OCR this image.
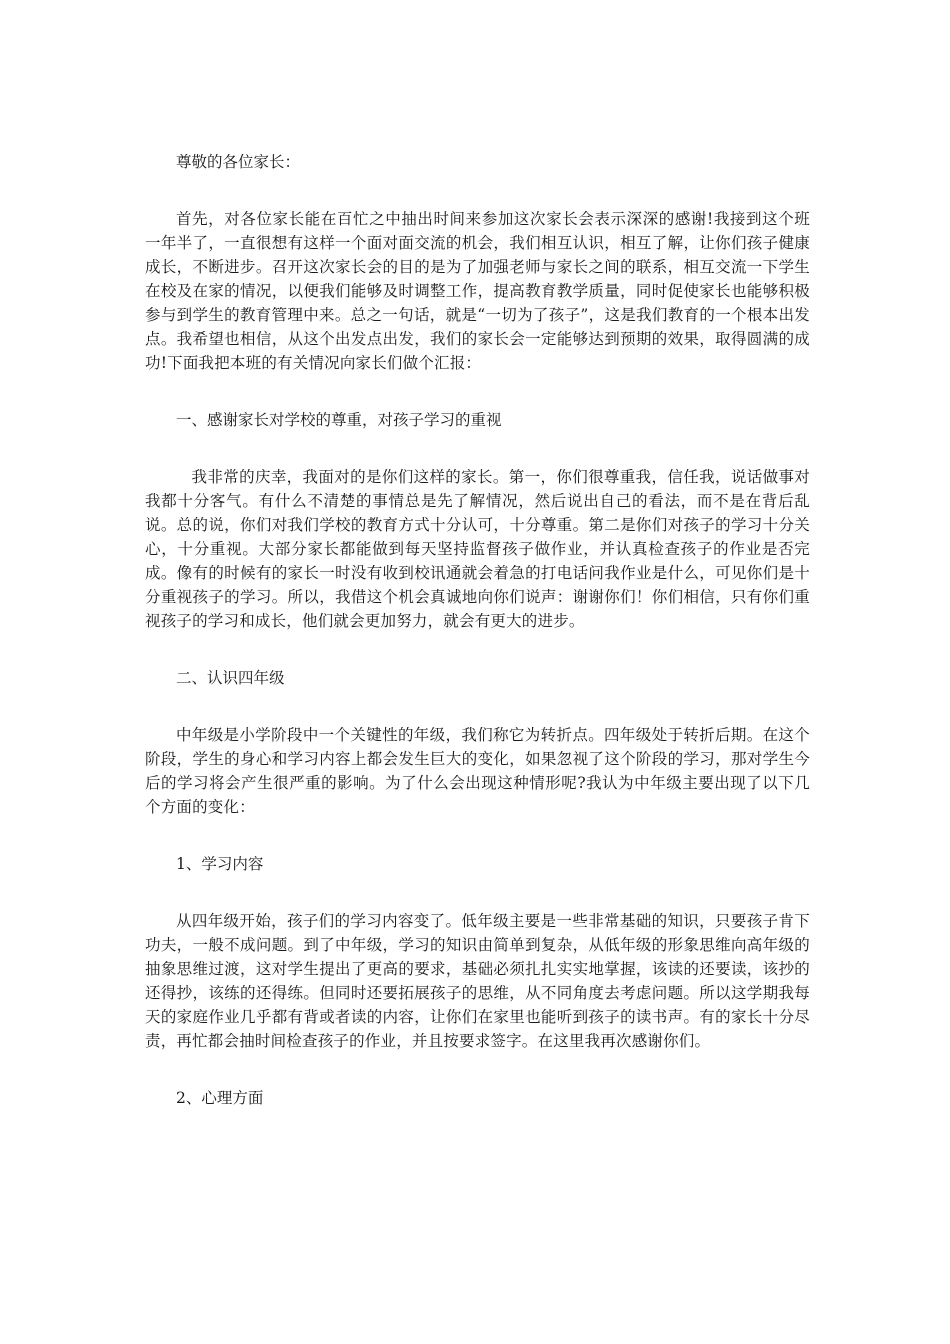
尊敬的各位家长：

首先，对各位家长能在百忙之中抽出时间来参加这次家长会表示深深的感谢!我接到这个班一年半了，一直很想有这样一个面对面交流的机会，我们相互认识，相互了解，让你们孩子健康成长，不断进步。召开这次家长会的目的是为了加强老师与家长之间的联系，相互交流一下学生在校及在家的情况，以便我们能够及时调整工作，提高教育教学质量，同时促使家长也能够积极参与到学生的教育管理中来。总之一句话，就是“一切为了孩子”，这是我们教育的一个根本出发点。我希望也相信，从这个出发点出发，我们的家长会一定能够达到预期的效果，取得圆满的成功!下面我把本班的有关情况向家长们做个汇报：

一、感谢家长对学校的尊重，对孩子学习的重视

我非常的庆幸，我面对的是你们这样的家长。第一，你们很尊重我，信任我，说话做事对我都十分客气。有什么不清楚的事情总是先了解情况，然后说出自己的看法，而不是在背后乱说。总的说，你们对我们学校的教育方式十分认可，十分尊重。第二是你们对孩子的学习十分关心，十分重视。大部分家长都能做到每天坚持监督孩子做作业，并认真检查孩子的作业是否完成。像有的时候有的家长一时没有收到校讯通就会着急的打电话问我作业是什么，可见你们是十分重视孩子的学习。所以，我借这个机会真诚地向你们说声：谢谢你们！你们相信，只有你们重视孩子的学习和成长，他们就会更加努力，就会有更大的进步。

二、认识四年级

中年级是小学阶段中一个关键性的年级，我们称它为转折点。四年级处于转折后期。在这个阶段，学生的身心和学习内容上都会发生巨大的变化，如果忽视了这个阶段的学习，那对学生今后的学习将会产生很严重的影响。为了什么会出现这种情形呢?我认为中年级主要出现了以下几个方面的变化：

1、学习内容

从四年级开始，孩子们的学习内容变了。低年级主要是一些非常基础的知识，只要孩子肯下功夫，一般不成问题。到了中年级，学习的知识由简单到复杂，从低年级的形象思维向高年级的抽象思维过渡，这对学生提出了更高的要求，基础必须扎扎实实地掌握，该读的还要读，该抄的还得抄，该练的还得练。但同时还要拓展孩子的思维，从不同角度去考虑问题。所以这学期我每天的家庭作业几乎都有背或者读的内容，让你们在家里也能听到孩子的读书声。有的家长十分尽责，再忙都会抽时间检查孩子的作业，并且按要求签字。在这里我再次感谢你们。

2、心理方面
